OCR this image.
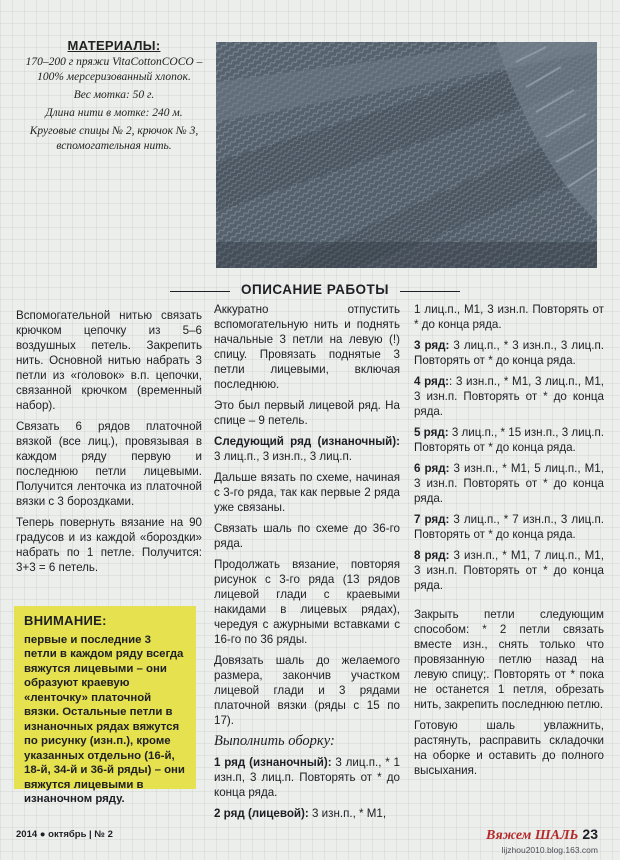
МАТЕРИАЛЫ:

170–200 г пряжи VitaCottonCOCO – 100% мерсеризованный хлопок.

Вес мотка: 50 г.

Длина нити в мотке: 240 м.

Круговые спицы № 2, крючок № 3, вспомогательная нить.

ОПИСАНИЕ РАБОТЫ

Вспомогательной нитью связать крючком цепочку из 5–6 воздушных петель. Закрепить нить. Основной нитью набрать 3 петли из «головок» в.п. цепочки, связанной крючком (временный набор).

Связать 6 рядов платочной вязкой (все лиц.), провязывая в каждом ряду первую и последнюю петли лицевыми. Получится ленточка из платочной вязки с 3 бороздками.

Теперь повернуть вязание на 90 градусов и из каждой «бороздки» набрать по 1 петле. Получится: 3+3 = 6 петель.

ВНИМАНИЕ:
первые и последние 3 петли в каждом ряду всегда вяжутся лицевыми – они образуют краевую «ленточку» платочной вязки. Остальные петли в изнаночных рядах вяжутся по рисунку (изн.п.), кроме указанных отдельно (16-й, 18-й, 34-й и 36-й ряды) – они вяжутся лицевыми в изнаночном ряду.

Аккуратно отпустить вспомогательную нить и поднять начальные 3 петли на левую (!) спицу. Провязать поднятые 3 петли лицевыми, включая последнюю.

Это был первый лицевой ряд. На спице – 9 петель.

Следующий ряд (изнаночный): 3 лиц.п., 3 изн.п., 3 лиц.п.

Дальше вязать по схеме, начиная с 3-го ряда, так как первые 2 ряда уже связаны.

Связать шаль по схеме до 36-го ряда.

Продолжать вязание, повторяя рисунок с 3-го ряда (13 рядов лицевой глади с краевыми накидами в лицевых рядах), чередуя с ажурными вставками с 16-го по 36 ряды.

Довязать шаль до желаемого размера, закончив участком лицевой глади и 3 рядами платочной вязки (ряды с 15 по 17).

Выполнить оборку:

1 ряд (изнаночный): 3 лиц.п., * 1 изн.п, 3 лиц.п. Повторять от * до конца ряда.

2 ряд (лицевой): 3 изн.п., * М1,

1 лиц.п., М1, 3 изн.п. Повторять от * до конца ряда.

3 ряд: 3 лиц.п., * 3 изн.п., 3 лиц.п. Повторять от * до конца ряда.

4 ряд:: 3 изн.п., * М1, 3 лиц.п., М1, 3 изн.п. Повторять от * до конца ряда.

5 ряд: 3 лиц.п., * 15 изн.п., 3 лиц.п. Повторять от * до конца ряда.

6 ряд: 3 изн.п., * М1, 5 лиц.п., М1, 3 изн.п. Повторять от * до конца ряда.

7 ряд: 3 лиц.п., * 7 изн.п., 3 лиц.п. Повторять от * до конца ряда.

8 ряд: 3 изн.п., * М1, 7 лиц.п., М1, 3 изн.п. Повторять от * до конца ряда.

Закрыть петли следующим способом: * 2 петли связать вместе изн., снять только что провязанную петлю назад на левую спицу;. Повторять от * пока не останется 1 петля, обрезать нить, закрепить последнюю петлю.

Готовую шаль увлажнить, растянуть, расправить складочки на оборке и оставить до полного высыхания.

2014 ● октябрь | № 2	Вяжем ШАЛЬ 23
lijzhou2010.blog.163.com
